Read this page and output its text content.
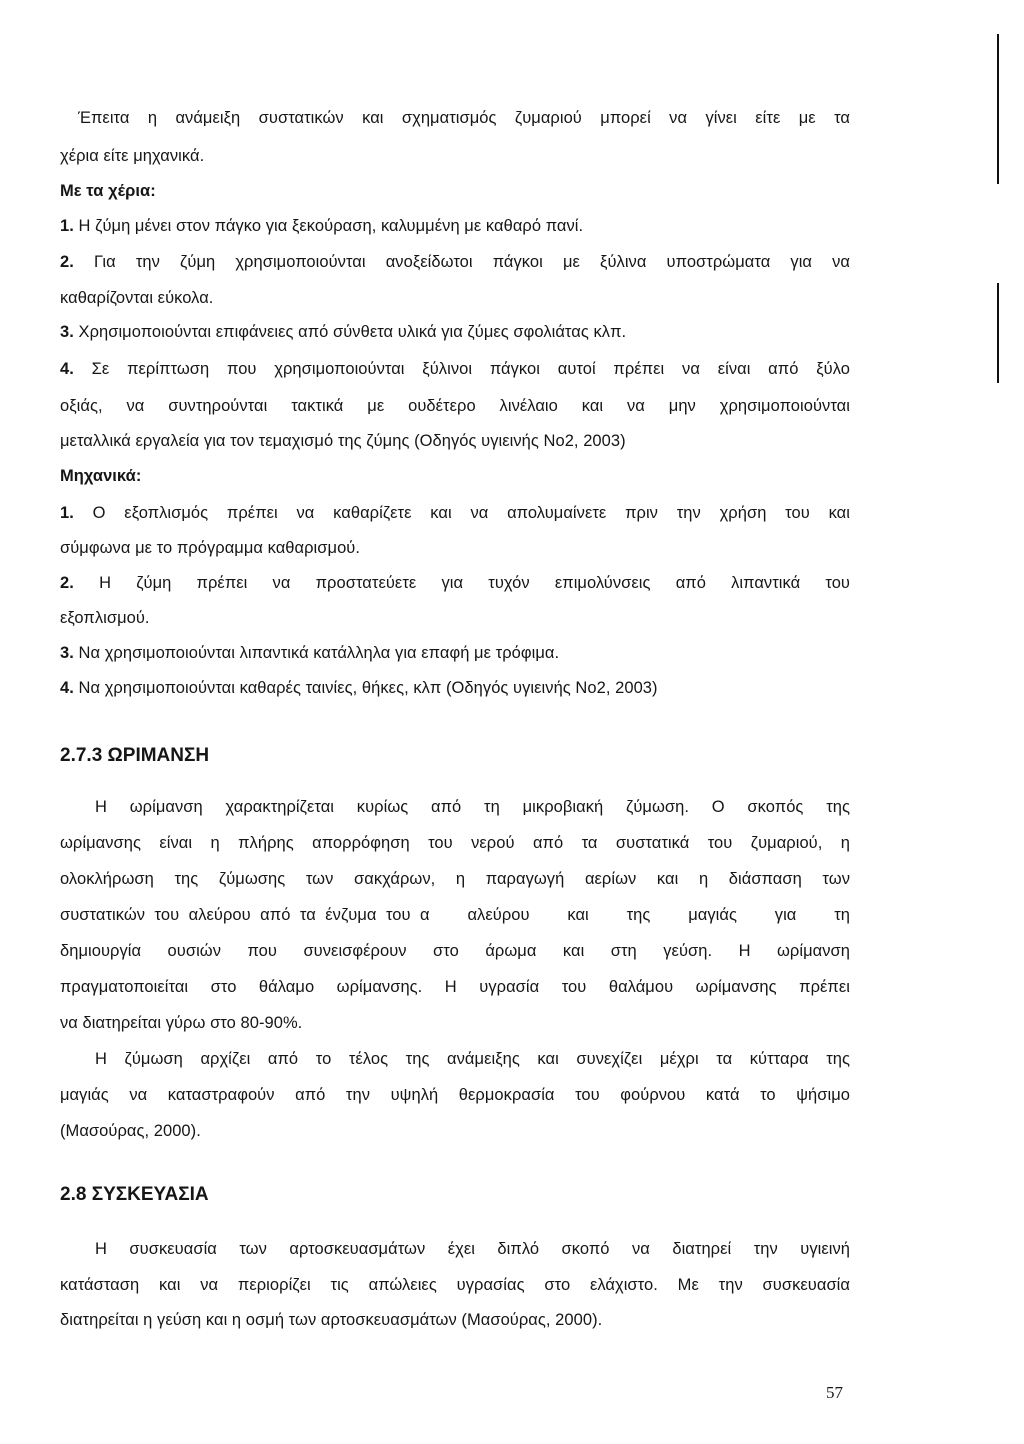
Έπειτα η ανάμειξη συστατικών και σχηματισμός ζυμαριού μπορεί να γίνει είτε με τα
χέρια είτε μηχανικά.
Με τα χέρια:
1. Η ζύμη μένει στον πάγκο για ξεκούραση, καλυμμένη με καθαρό πανί.
2. Για την ζύμη χρησιμοποιούνται ανοξείδωτοι πάγκοι με ξύλινα υποστρώματα για να
καθαρίζονται εύκολα.
3. Χρησιμοποιούνται επιφάνειες από σύνθετα υλικά για ζύμες σφολιάτας κλπ.
4. Σε περίπτωση που χρησιμοποιούνται ξύλινοι πάγκοι αυτοί πρέπει να είναι από ξύλο
οξιάς, να συντηρούνται τακτικά με ουδέτερο λινέλαιο και να μην χρησιμοποιούνται
μεταλλικά εργαλεία για τον τεμαχισμό της ζύμης (Οδηγός υγιεινής Νο2, 2003)
Μηχανικά:
1. Ο εξοπλισμός πρέπει να καθαρίζετε και να απολυμαίνετε πριν την χρήση του και
σύμφωνα με το πρόγραμμα καθαρισμού.
2. Η ζύμη πρέπει να προστατεύετε για τυχόν επιμολύνσεις από λιπαντικά του
εξοπλισμού.
3. Να χρησιμοποιούνται λιπαντικά κατάλληλα για επαφή με τρόφιμα.
4. Να χρησιμοποιούνται καθαρές ταινίες, θήκες, κλπ (Οδηγός υγιεινής Νο2, 2003)
2.7.3 ΩΡΙΜΑΝΣΗ
Η ωρίμανση χαρακτηρίζεται κυρίως από τη μικροβιακή ζύμωση. Ο σκοπός της
ωρίμανσης είναι η πλήρης απορρόφηση του νερού από τα συστατικά του ζυμαριού, η
ολοκλήρωση της ζύμωσης των σακχάρων, η παραγωγή αερίων και η διάσπαση των
συστατικών του αλεύρου από τα ένζυμα του α    αλεύρου    και    της    μαγιάς    για    τη
δημιουργία ουσιών που συνεισφέρουν στο άρωμα και στη γεύση. Η ωρίμανση
πραγματοποιείται στο θάλαμο ωρίμανσης. Η υγρασία του θαλάμου ωρίμανσης πρέπει
να διατηρείται γύρω στο 80-90%.
Η ζύμωση αρχίζει από το τέλος της ανάμειξης και συνεχίζει μέχρι τα κύτταρα της
μαγιάς να καταστραφούν από την υψηλή θερμοκρασία του φούρνου κατά το ψήσιμο
(Μασούρας, 2000).
2.8 ΣΥΣΚΕΥΑΣΙΑ
Η συσκευασία των αρτοσκευασμάτων έχει διπλό σκοπό να διατηρεί την υγιεινή
κατάσταση και να περιορίζει τις απώλειες υγρασίας στο ελάχιστο. Με την συσκευασία
διατηρείται η γεύση και η οσμή των αρτοσκευασμάτων (Μασούρας, 2000).
57
